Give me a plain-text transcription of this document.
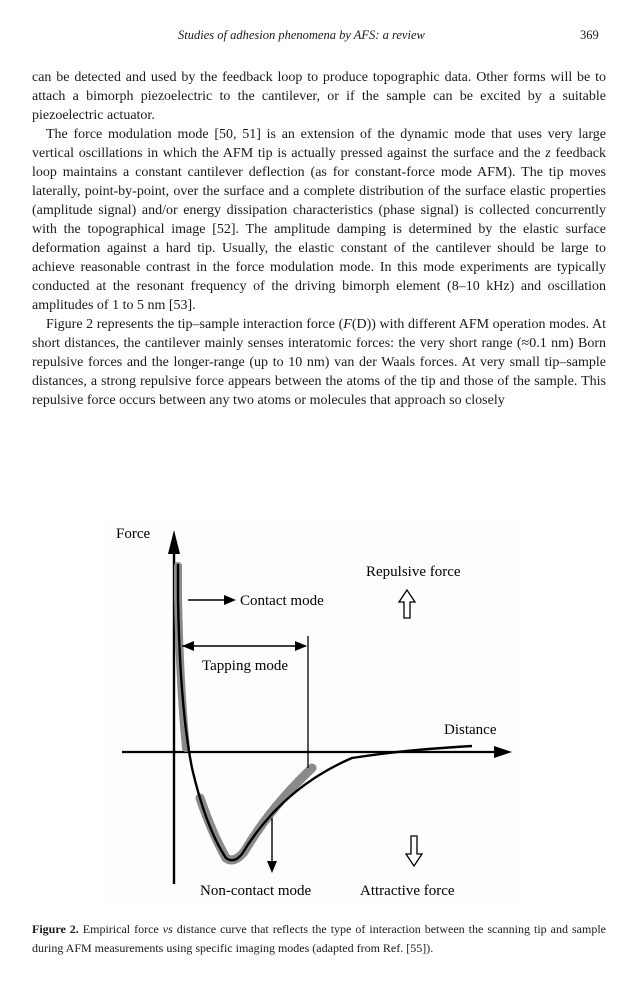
Studies of adhesion phenomena by AFS: a review	369

can be detected and used by the feedback loop to produce topographic data. Other forms will be to attach a bimorph piezoelectric to the cantilever, or if the sample can be excited by a suitable piezoelectric actuator.

The force modulation mode [50, 51] is an extension of the dynamic mode that uses very large vertical oscillations in which the AFM tip is actually pressed against the surface and the z feedback loop maintains a constant cantilever deflection (as for constant-force mode AFM). The tip moves laterally, point-by-point, over the surface and a complete distribution of the surface elastic properties (amplitude signal) and/or energy dissipation characteristics (phase signal) is collected concurrently with the topographical image [52]. The amplitude damping is determined by the elastic surface deformation against a hard tip. Usually, the elastic constant of the cantilever should be large to achieve reasonable contrast in the force modulation mode. In this mode experiments are typically conducted at the resonant frequency of the driving bimorph element (8–10 kHz) and oscillation amplitudes of 1 to 5 nm [53].

Figure 2 represents the tip–sample interaction force (F(D)) with different AFM operation modes. At short distances, the cantilever mainly senses interatomic forces: the very short range (≈0.1 nm) Born repulsive forces and the longer-range (up to 10 nm) van der Waals forces. At very small tip–sample distances, a strong repulsive force appears between the atoms of the tip and those of the sample. This repulsive force occurs between any two atoms or molecules that approach so closely

Force
Distance
Contact mode
Tapping mode
Non-contact mode
Repulsive force
Attractive force
Figure 2. Empirical force vs distance curve that reflects the type of interaction between the scanning tip and sample during AFM measurements using specific imaging modes (adapted from Ref. [55]).
